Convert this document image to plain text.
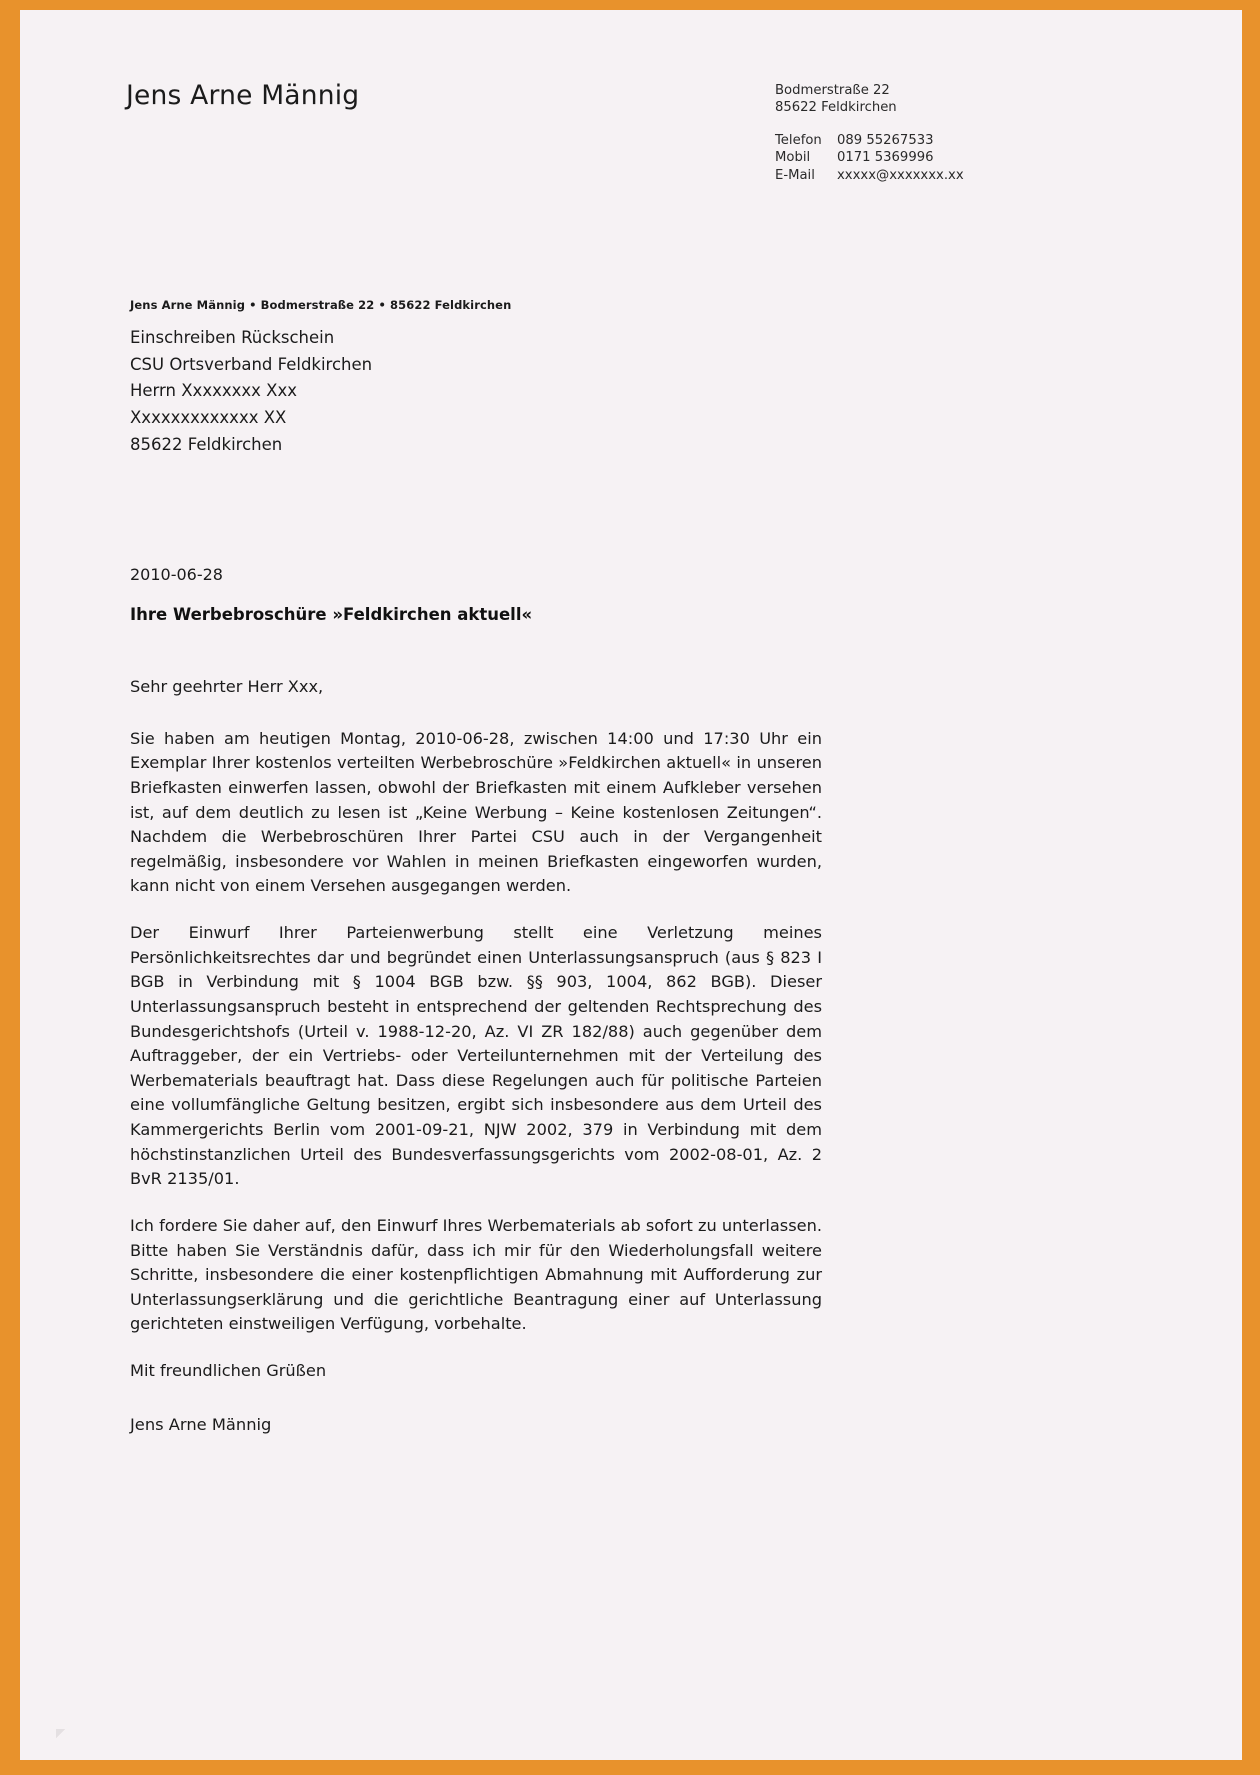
Jens Arne Männig	Bodmerstraße 22
85622 Feldkirchen
Telefon	089 55267533
Mobil	0171 5369996
E-Mail	xxxxx@xxxxxxx.xx
Jens Arne Männig • Bodmerstraße 22 • 85622 Feldkirchen
Einschreiben Rückschein
CSU Ortsverband Feldkirchen
Herrn Xxxxxxxx Xxx
Xxxxxxxxxxxxx XX
85622 Feldkirchen
2010-06-28
Ihre Werbebroschüre »Feldkirchen aktuell«

Sehr geehrter Herr Xxx,

Sie haben am heutigen Montag, 2010-06-28, zwischen 14:00 und 17:30 Uhr ein Exemplar Ihrer kostenlos verteilten Werbebroschüre »Feldkirchen aktuell« in unseren Briefkasten einwerfen lassen, obwohl der Briefkasten mit einem Aufkleber versehen ist, auf dem deutlich zu lesen ist „Keine Werbung – Keine kostenlosen Zeitungen“. Nachdem die Werbebroschüren Ihrer Partei CSU auch in der Vergangenheit regelmäßig, insbesondere vor Wahlen in meinen Briefkasten eingeworfen wurden, kann nicht von einem Versehen ausgegangen werden.

Der Einwurf Ihrer Parteienwerbung stellt eine Verletzung meines Persönlichkeitsrechtes dar und begründet einen Unterlassungsanspruch (aus § 823 I BGB in Verbindung mit § 1004 BGB bzw. §§ 903, 1004, 862 BGB). Dieser Unterlassungsanspruch besteht in entsprechend der geltenden Rechtsprechung des Bundesgerichtshofs (Urteil v. 1988-12-20, Az. VI ZR 182/88) auch gegenüber dem Auftraggeber, der ein Vertriebs- oder Verteilunternehmen mit der Verteilung des Werbematerials beauftragt hat. Dass diese Regelungen auch für politische Parteien eine vollumfängliche Geltung besitzen, ergibt sich insbesondere aus dem Urteil des Kammergerichts Berlin vom 2001-09-21, NJW 2002, 379 in Verbindung mit dem höchstinstanzlichen Urteil des Bundesverfassungsgerichts vom 2002-08-01, Az. 2 BvR 2135/01.

Ich fordere Sie daher auf, den Einwurf Ihres Werbematerials ab sofort zu unterlassen. Bitte haben Sie Verständnis dafür, dass ich mir für den Wiederholungsfall weitere Schritte, insbesondere die einer kostenpflichtigen Abmahnung mit Aufforderung zur Unterlassungserklärung und die gerichtliche Beantragung einer auf Unterlassung gerichteten einstweiligen Verfügung, vorbehalte.

Mit freundlichen Grüßen

Jens Arne Männig
